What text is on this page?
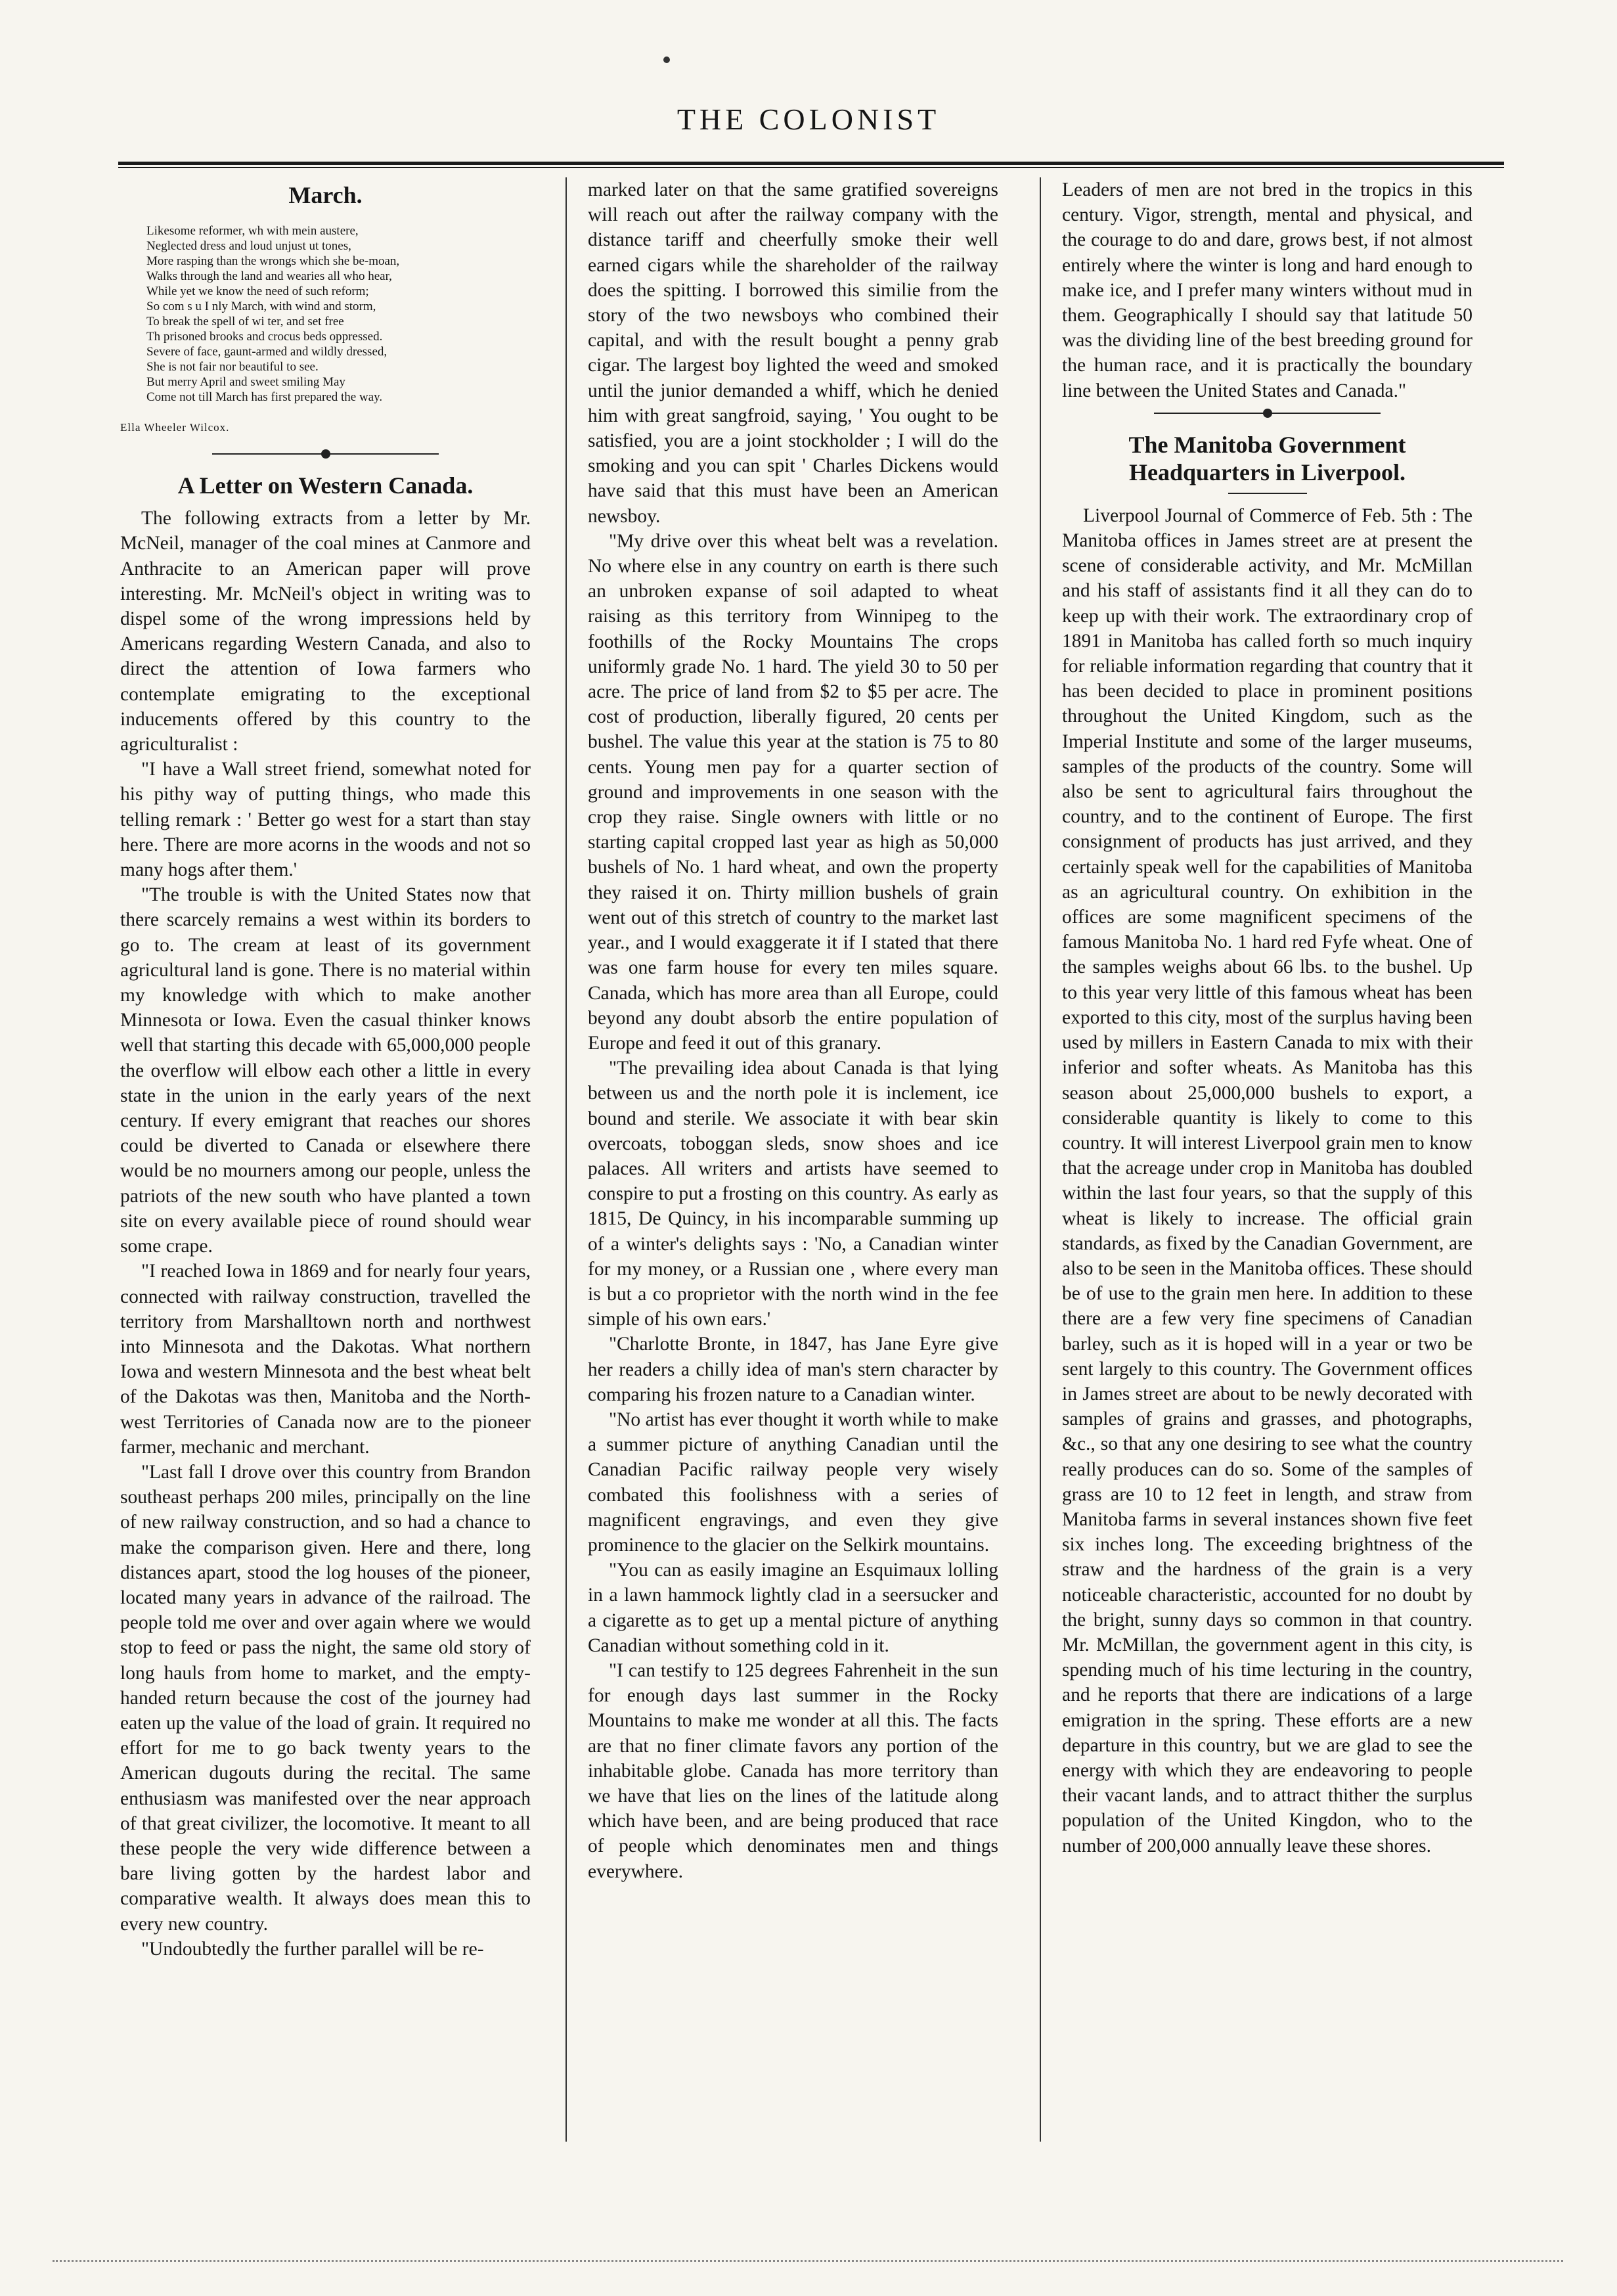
THE COLONIST
March.
Likesome reformer, wh with mein austere,
Neglected dress and loud unjust ut tones,
More rasping than the wrongs which she be-moan,
Walks through the land and wearies all who hear,
While yet we know the need of such reform;
So com s u I nly March, with wind and storm,
To break the spell of wi ter, and set free
Th prisoned brooks and crocus beds oppressed.
Severe of face, gaunt-armed and wildly dressed,
She is not fair nor beautiful to see.
But merry April and sweet smiling May
Come not till March has first prepared the way.
Ella Wheeler Wilcox.
A Letter on Western Canada.

The following extracts from a letter by Mr. McNeil, manager of the coal mines at Canmore and Anthracite to an American paper will prove interesting. Mr. McNeil's object in writing was to dispel some of the wrong impressions held by Americans regarding Western Canada, and also to direct the attention of Iowa farmers who contemplate emigrating to the exceptional inducements offered by this country to the agriculturalist :

"I have a Wall street friend, somewhat noted for his pithy way of putting things, who made this telling remark : ' Better go west for a start than stay here. There are more acorns in the woods and not so many hogs after them.'

"The trouble is with the United States now that there scarcely remains a west within its borders to go to. The cream at least of its government agricultural land is gone. There is no material within my knowledge with which to make another Minnesota or Iowa. Even the casual thinker knows well that starting this decade with 65,000,000 people the overflow will elbow each other a little in every state in the union in the early years of the next century. If every emigrant that reaches our shores could be diverted to Canada or elsewhere there would be no mourners among our people, unless the patriots of the new south who have planted a town site on every available piece of round should wear some crape.

"I reached Iowa in 1869 and for nearly four years, connected with railway construction, travelled the territory from Marshalltown north and northwest into Minnesota and the Dakotas. What northern Iowa and western Minnesota and the best wheat belt of the Dakotas was then, Manitoba and the North-west Territories of Canada now are to the pioneer farmer, mechanic and merchant.

"Last fall I drove over this country from Brandon southeast perhaps 200 miles, principally on the line of new railway construction, and so had a chance to make the comparison given. Here and there, long distances apart, stood the log houses of the pioneer, located many years in advance of the railroad. The people told me over and over again where we would stop to feed or pass the night, the same old story of long hauls from home to market, and the empty-handed return because the cost of the journey had eaten up the value of the load of grain. It required no effort for me to go back twenty years to the American dugouts during the recital. The same enthusiasm was manifested over the near approach of that great civilizer, the locomotive. It meant to all these people the very wide difference between a bare living gotten by the hardest labor and comparative wealth. It always does mean this to every new country.

"Undoubtedly the further parallel will be re-

marked later on that the same gratified sovereigns will reach out after the railway company with the distance tariff and cheerfully smoke their well earned cigars while the shareholder of the railway does the spitting. I borrowed this similie from the story of the two newsboys who combined their capital, and with the result bought a penny grab cigar. The largest boy lighted the weed and smoked until the junior demanded a whiff, which he denied him with great sangfroid, saying, ' You ought to be satisfied, you are a joint stockholder ; I will do the smoking and you can spit ' Charles Dickens would have said that this must have been an American newsboy.

"My drive over this wheat belt was a revelation. No where else in any country on earth is there such an unbroken expanse of soil adapted to wheat raising as this territory from Winnipeg to the foothills of the Rocky Mountains The crops uniformly grade No. 1 hard. The yield 30 to 50 per acre. The price of land from $2 to $5 per acre. The cost of production, liberally figured, 20 cents per bushel. The value this year at the station is 75 to 80 cents. Young men pay for a quarter section of ground and improvements in one season with the crop they raise. Single owners with little or no starting capital cropped last year as high as 50,000 bushels of No. 1 hard wheat, and own the property they raised it on. Thirty million bushels of grain went out of this stretch of country to the market last year., and I would exaggerate it if I stated that there was one farm house for every ten miles square. Canada, which has more area than all Europe, could beyond any doubt absorb the entire population of Europe and feed it out of this granary.

"The prevailing idea about Canada is that lying between us and the north pole it is inclement, ice bound and sterile. We associate it with bear skin overcoats, toboggan sleds, snow shoes and ice palaces. All writers and artists have seemed to conspire to put a frosting on this country. As early as 1815, De Quincy, in his incomparable summing up of a winter's delights says : 'No, a Canadian winter for my money, or a Russian one , where every man is but a co proprietor with the north wind in the fee simple of his own ears.'

"Charlotte Bronte, in 1847, has Jane Eyre give her readers a chilly idea of man's stern character by comparing his frozen nature to a Canadian winter.

"No artist has ever thought it worth while to make a summer picture of anything Canadian until the Canadian Pacific railway people very wisely combated this foolishness with a series of magnificent engravings, and even they give prominence to the glacier on the Selkirk mountains.

"You can as easily imagine an Esquimaux lolling in a lawn hammock lightly clad in a seersucker and a cigarette as to get up a mental picture of anything Canadian without something cold in it.

"I can testify to 125 degrees Fahrenheit in the sun for enough days last summer in the Rocky Mountains to make me wonder at all this. The facts are that no finer climate favors any portion of the inhabitable globe. Canada has more territory than we have that lies on the lines of the latitude along which have been, and are being produced that race of people which denominates men and things everywhere.

Leaders of men are not bred in the tropics in this century. Vigor, strength, mental and physical, and the courage to do and dare, grows best, if not almost entirely where the winter is long and hard enough to make ice, and I prefer many winters without mud in them. Geographically I should say that latitude 50 was the dividing line of the best breeding ground for the human race, and it is practically the boundary line between the United States and Canada."

The Manitoba Government Headquarters in Liverpool.

Liverpool Journal of Commerce of Feb. 5th : The Manitoba offices in James street are at present the scene of considerable activity, and Mr. McMillan and his staff of assistants find it all they can do to keep up with their work. The extraordinary crop of 1891 in Manitoba has called forth so much inquiry for reliable information regarding that country that it has been decided to place in prominent positions throughout the United Kingdom, such as the Imperial Institute and some of the larger museums, samples of the products of the country. Some will also be sent to agricultural fairs throughout the country, and to the continent of Europe. The first consignment of products has just arrived, and they certainly speak well for the capabilities of Manitoba as an agricultural country. On exhibition in the offices are some magnificent specimens of the famous Manitoba No. 1 hard red Fyfe wheat. One of the samples weighs about 66 lbs. to the bushel. Up to this year very little of this famous wheat has been exported to this city, most of the surplus having been used by millers in Eastern Canada to mix with their inferior and softer wheats. As Manitoba has this season about 25,000,000 bushels to export, a considerable quantity is likely to come to this country. It will interest Liverpool grain men to know that the acreage under crop in Manitoba has doubled within the last four years, so that the supply of this wheat is likely to increase. The official grain standards, as fixed by the Canadian Government, are also to be seen in the Manitoba offices. These should be of use to the grain men here. In addition to these there are a few very fine specimens of Canadian barley, such as it is hoped will in a year or two be sent largely to this country. The Government offices in James street are about to be newly decorated with samples of grains and grasses, and photographs, &c., so that any one desiring to see what the country really produces can do so. Some of the samples of grass are 10 to 12 feet in length, and straw from Manitoba farms in several instances shown five feet six inches long. The exceeding brightness of the straw and the hardness of the grain is a very noticeable characteristic, accounted for no doubt by the bright, sunny days so common in that country. Mr. McMillan, the government agent in this city, is spending much of his time lecturing in the country, and he reports that there are indications of a large emigration in the spring. These efforts are a new departure in this country, but we are glad to see the energy with which they are endeavoring to people their vacant lands, and to attract thither the surplus population of the United Kingdon, who to the number of 200,000 annually leave these shores.
